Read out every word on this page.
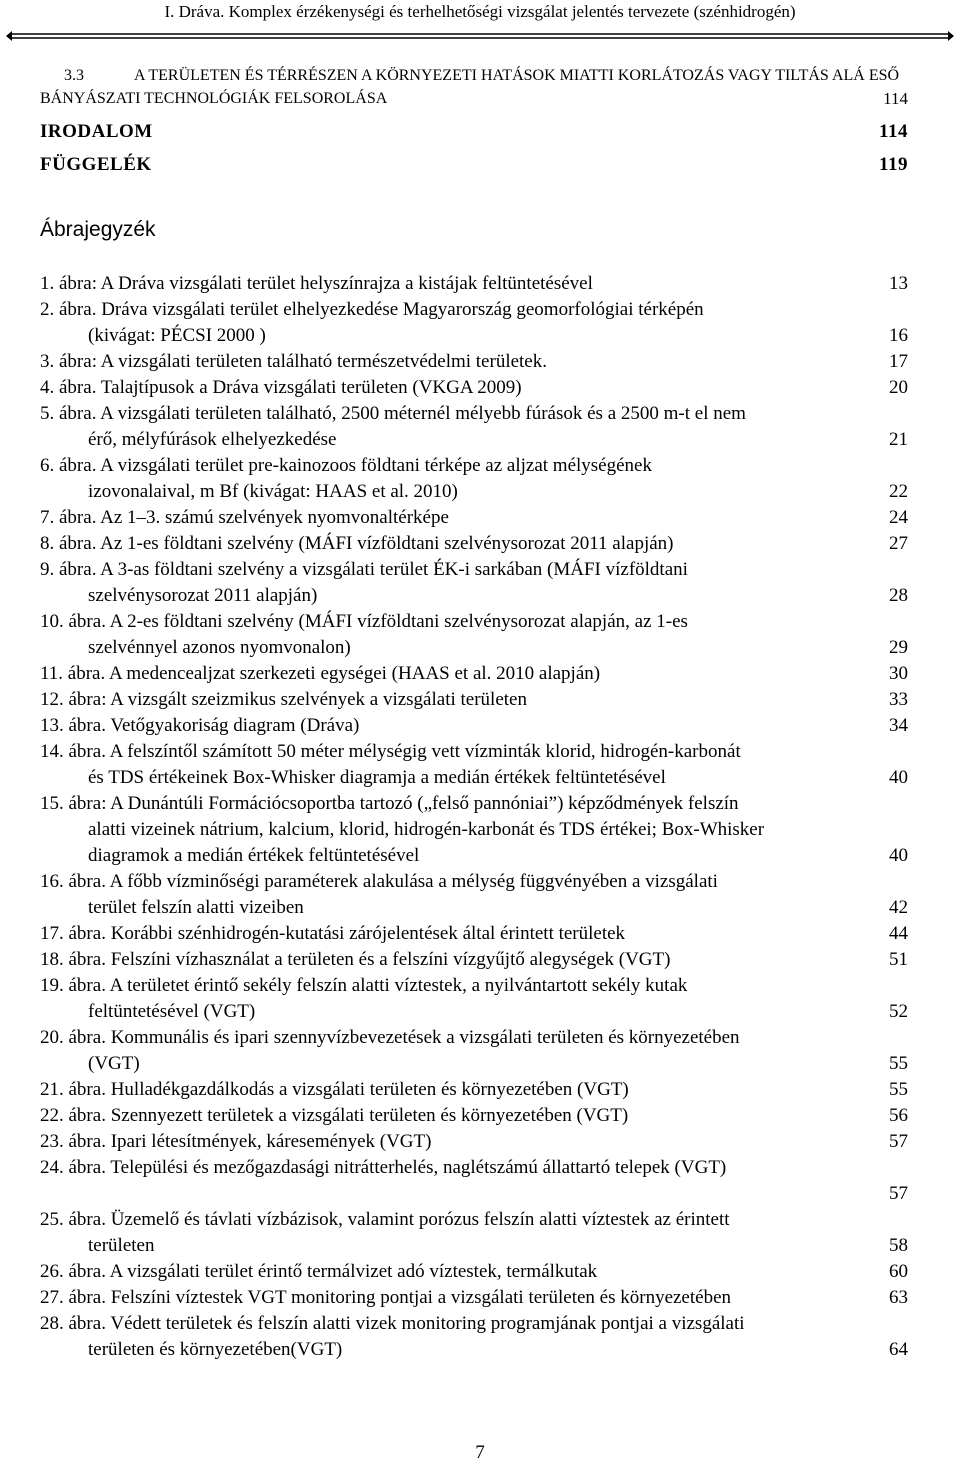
I. Dráva. Komplex érzékenységi és terhelhetőségi vizsgálat jelentés tervezete (szénhidrogén)
3.3	A TERÜLETEN ÉS TÉRRÉSZEN A KÖRNYEZETI HATÁSOK MIATTI KORLÁTOZÁS VAGY TILTÁS ALÁ ESŐ
BÁNYÁSZATI TECHNOLÓGIÁK FELSOROLÁSA	114
IRODALOM	114
FÜGGELÉK	119
Ábrajegyzék
1. ábra: A Dráva vizsgálati terület helyszínrajza a kistájak feltüntetésével	13
2. ábra. Dráva vizsgálati terület elhelyezkedése Magyarország geomorfológiai térképén
(kivágat: PÉCSI 2000 )	16
3. ábra: A vizsgálati területen található természetvédelmi területek.	17
4. ábra. Talajtípusok a Dráva vizsgálati területen (VKGA 2009)	20
5. ábra. A vizsgálati területen található, 2500 méternél mélyebb fúrások és a 2500 m-t el nem
érő, mélyfúrások elhelyezkedése	21
6. ábra. A vizsgálati terület pre-kainozoos földtani térképe az aljzat mélységének
izovonalaival, m Bf (kivágat: HAAS et al. 2010)	22
7. ábra. Az 1–3. számú szelvények nyomvonaltérképe	24
8. ábra. Az 1-es földtani szelvény (MÁFI vízföldtani szelvénysorozat 2011 alapján)	27
9. ábra. A 3-as földtani szelvény a vizsgálati terület ÉK-i sarkában (MÁFI vízföldtani
szelvénysorozat 2011 alapján)	28
10. ábra. A 2-es földtani szelvény (MÁFI vízföldtani szelvénysorozat alapján, az 1-es
szelvénnyel azonos nyomvonalon)	29
11. ábra. A medencealjzat szerkezeti egységei (HAAS et al. 2010 alapján)	30
12. ábra: A vizsgált szeizmikus szelvények a vizsgálati területen	33
13. ábra. Vetőgyakoriság diagram (Dráva)	34
14. ábra. A felszíntől számított 50 méter mélységig vett vízminták klorid, hidrogén-karbonát
és TDS értékeinek Box-Whisker diagramja a medián értékek feltüntetésével	40
15. ábra: A Dunántúli Formációcsoportba tartozó („felső pannóniai”) képződmények felszín
alatti vizeinek nátrium, kalcium, klorid, hidrogén-karbonát és TDS értékei; Box-Whisker
diagramok a medián értékek feltüntetésével	40
16. ábra. A főbb vízminőségi paraméterek alakulása a mélység függvényében a vizsgálati
terület felszín alatti vizeiben	42
17. ábra. Korábbi szénhidrogén-kutatási zárójelentések által érintett területek	44
18. ábra. Felszíni vízhasználat a területen és a felszíni vízgyűjtő alegységek (VGT)	51
19. ábra. A területet érintő sekély felszín alatti víztestek, a nyilvántartott sekély kutak
feltüntetésével (VGT)	52
20. ábra. Kommunális és ipari szennyvízbevezetések a vizsgálati területen és környezetében
(VGT)	55
21. ábra. Hulladékgazdálkodás a vizsgálati területen és környezetében (VGT)	55
22. ábra. Szennyezett területek a vizsgálati területen és környezetében (VGT)	56
23. ábra. Ipari létesítmények, káresemények (VGT)	57
24. ábra. Települési és mezőgazdasági nitrátterhelés, naglétszámú állattartó telepek (VGT)
57
25. ábra. Üzemelő és távlati vízbázisok, valamint porózus felszín alatti víztestek az érintett
területen	58
26. ábra. A vizsgálati terület érintő termálvizet adó víztestek, termálkutak	60
27. ábra. Felszíni víztestek VGT monitoring pontjai a vizsgálati területen és környezetében	63
28. ábra. Védett területek és felszín alatti vizek monitoring programjának pontjai a vizsgálati
területen és környezetében(VGT)	64
7
